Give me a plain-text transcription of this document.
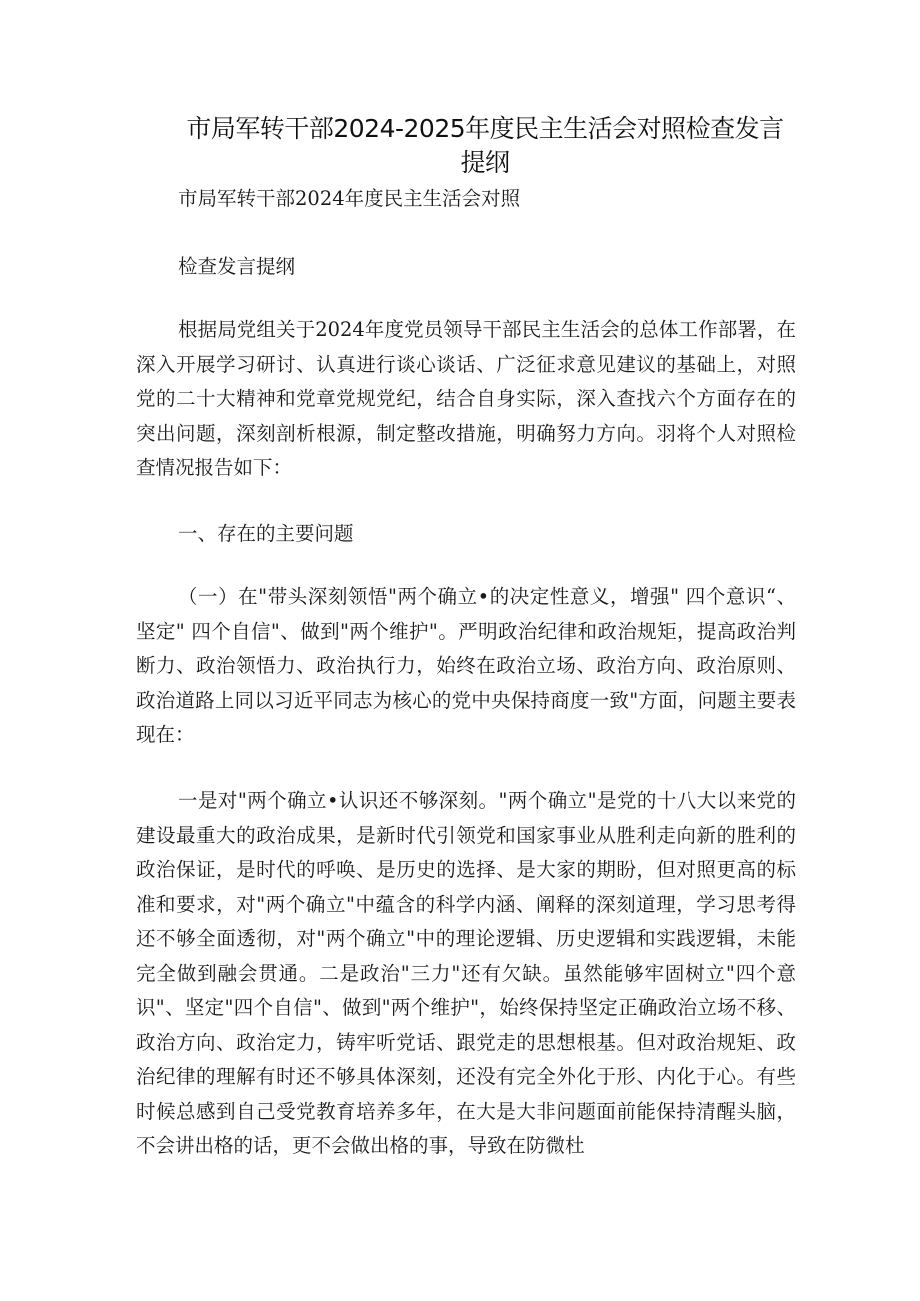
市局军转干部2024-2025年度民主生活会对照检查发言
提纲
市局军转干部2024年度民主生活会对照
检查发言提纲
根据局党组关于2024年度党员领导干部民主生活会的总体工作部署，在深入开展学习研讨、认真进行谈心谈话、广泛征求意见建议的基础上，对照党的二十大精神和党章党规党纪，结合自身实际，深入查找六个方面存在的突出问题，深刻剖析根源，制定整改措施，明确努力方向。羽将个人对照检查情况报告如下：
一、存在的主要问题
（一）在"带头深刻领悟"两个确立•的决定性意义，增强" 四个意识“、坚定" 四个自信"、做到"两个维护"。严明政治纪律和政治规矩，提高政治判断力、政治领悟力、政治执行力，始终在政治立场、政治方向、政治原则、政治道路上同以习近平同志为核心的党中央保持商度一致"方面，问题主要表现在：
一是对"两个确立•认识还不够深刻。"两个确立"是党的十八大以来党的建设最重大的政治成果，是新时代引领党和国家事业从胜利走向新的胜利的政治保证，是时代的呼唤、是历史的选择、是大家的期盼，但对照更高的标准和要求，对"两个确立"中蕴含的科学内涵、阐释的深刻道理，学习思考得还不够全面透彻，对"两个确立"中的理论逻辑、历史逻辑和实践逻辑，未能完全做到融会贯通。二是政治"三力"还有欠缺。虽然能够牢固树立"四个意识"、坚定"四个自信"、做到"两个维护"，始终保持坚定正确政治立场不移、政治方向、政治定力，铸牢听党话、跟党走的思想根基。但对政治规矩、政治纪律的理解有时还不够具体深刻，还没有完全外化于形、内化于心。有些时候总感到自己受党教育培养多年，在大是大非问题面前能保持清醒头脑，不会讲出格的话，更不会做出格的事，导致在防微杜
